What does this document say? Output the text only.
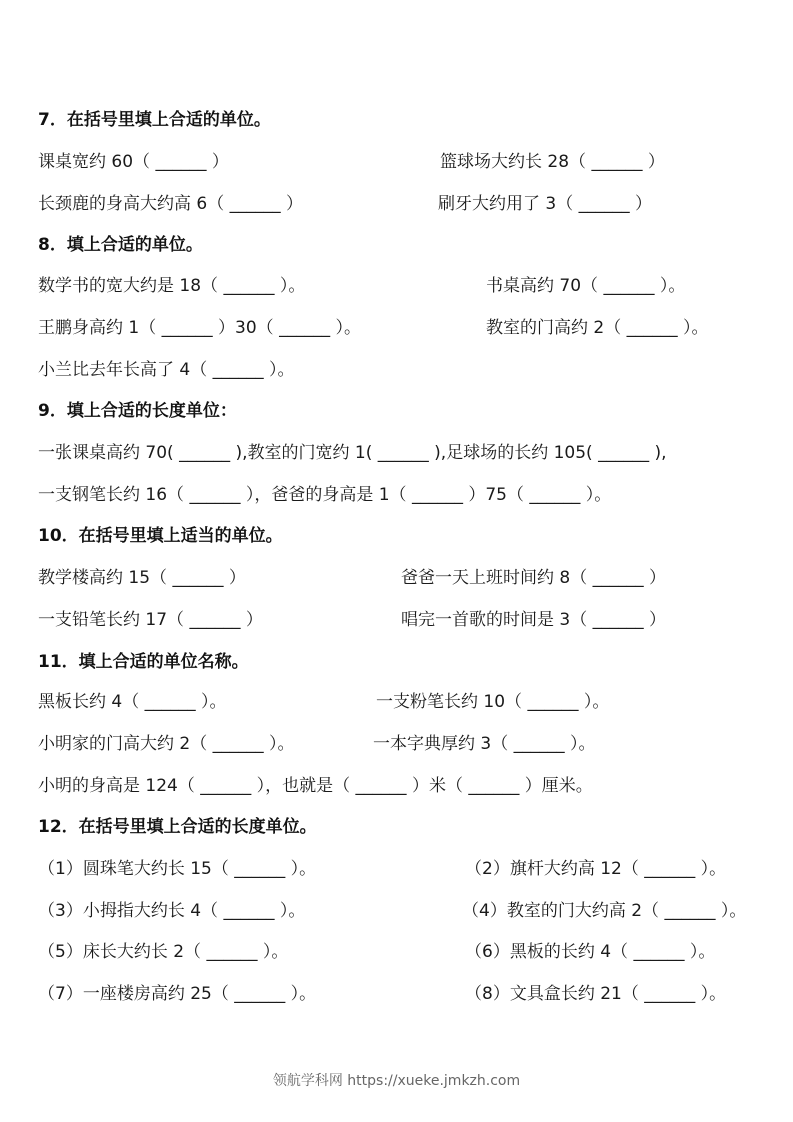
7．在括号里填上合适的单位。
课桌宽约 60（ ______ ）	篮球场大约长 28（ ______ ）
长颈鹿的身高大约高 6（ ______ ）	刷牙大约用了 3（ ______ ）
8．填上合适的单位。
数学书的宽大约是 18（ ______ ）。	书桌高约 70（ ______ ）。
王鹏身高约 1（ ______ ）30（ ______ ）。	教室的门高约 2（ ______ ）。
小兰比去年长高了 4（ ______ ）。
9．填上合适的长度单位：
一张课桌高约 70( ______ ),教室的门宽约 1( ______ ),足球场的长约 105( ______ ),
一支钢笔长约 16（ ______ ），爸爸的身高是 1（ ______ ）75（ ______ ）。
10．在括号里填上适当的单位。
教学楼高约 15（ ______ ）	爸爸一天上班时间约 8（ ______ ）
一支铅笔长约 17（ ______ ）	唱完一首歌的时间是 3（ ______ ）
11．填上合适的单位名称。
黑板长约 4（ ______ ）。	一支粉笔长约 10（ ______ ）。
小明家的门高大约 2（ ______ ）。	一本字典厚约 3（ ______ ）。
小明的身高是 124（ ______ ），也就是（ ______ ）米（ ______ ）厘米。
12．在括号里填上合适的长度单位。
（1）圆珠笔大约长 15（ ______ ）。	（2）旗杆大约高 12（ ______ ）。
（3）小拇指大约长 4（ ______ ）。	（4）教室的门大约高 2（ ______ ）。
（5）床长大约长 2（ ______ ）。	（6）黑板的长约 4（ ______ ）。
（7）一座楼房高约 25（ ______ ）。	（8）文具盒长约 21（ ______ ）。
领航学科网 https://xueke.jmkzh.com
